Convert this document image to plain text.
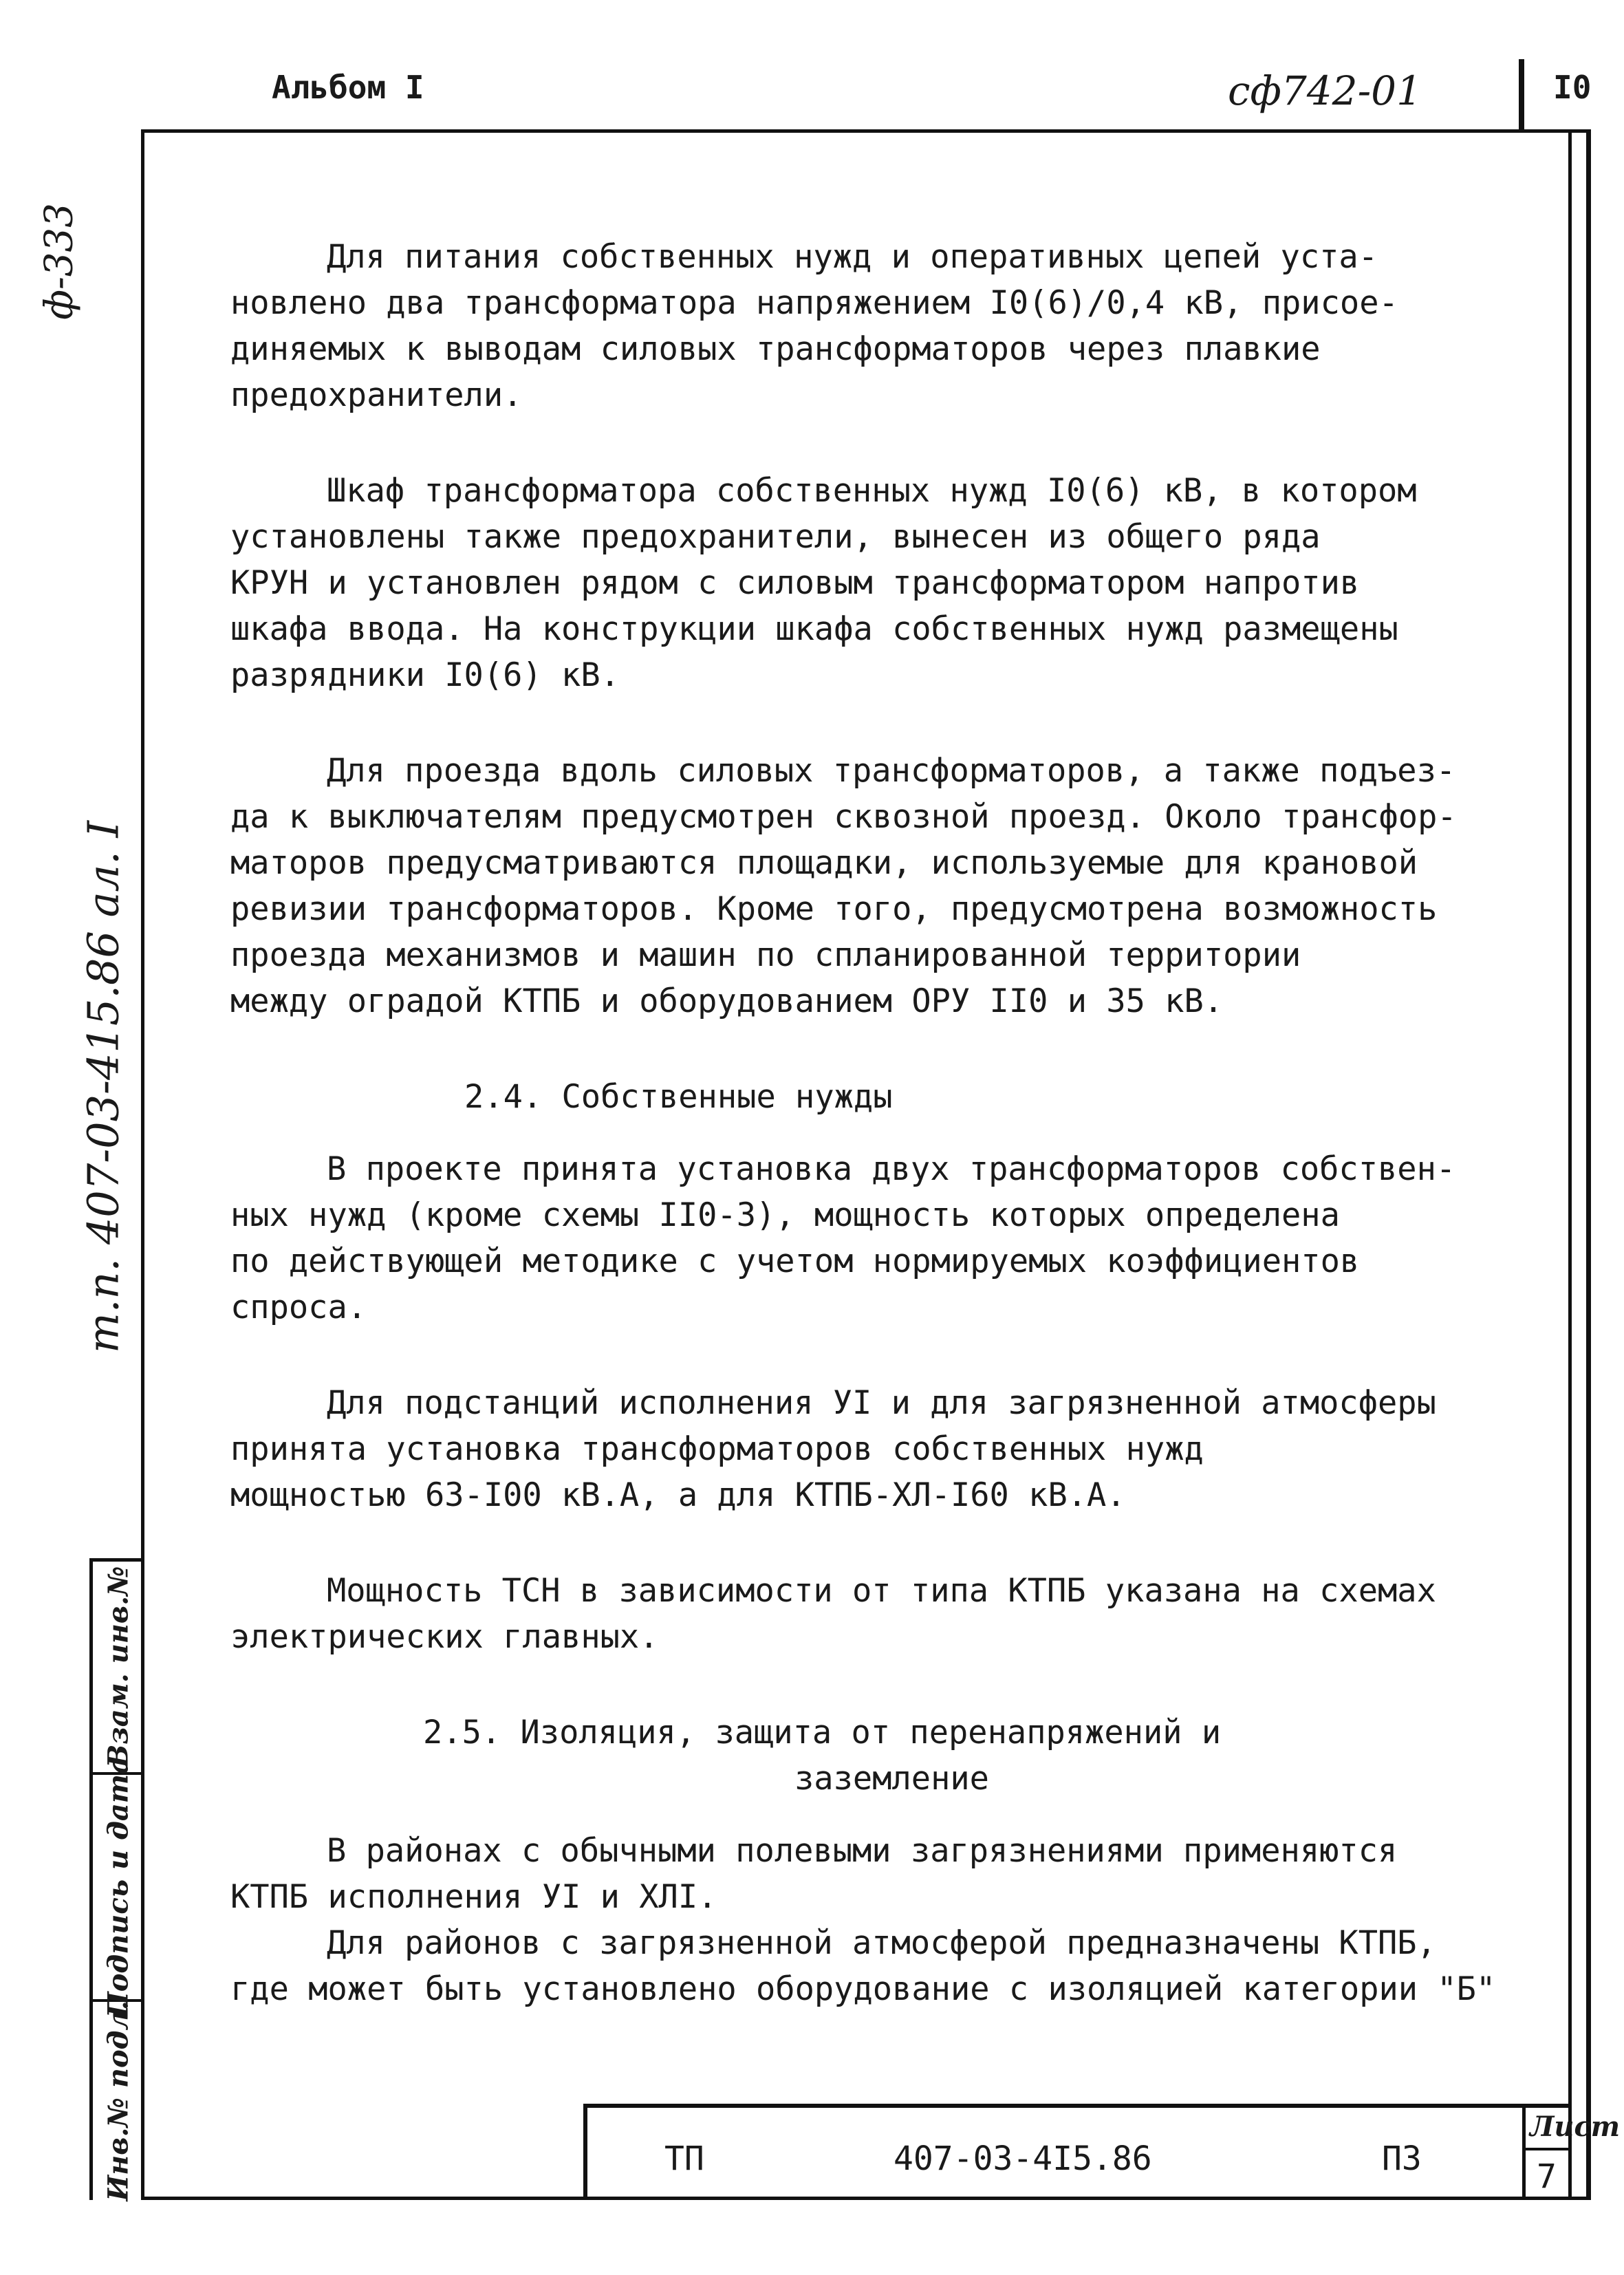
Альбом I	сф742-01	I0
ф-333
т.п. 407-03-415.86 ал. I

Для питания собственных нужд и оперативных цепей уста-

новлено два трансформатора напряжением I0(6)/0,4 кВ, присое-

диняемых к выводам силовых трансформаторов через плавкие

предохранители.

Шкаф трансформатора собственных нужд I0(6) кВ, в котором

установлены также предохранители, вынесен из общего ряда

КРУН и установлен рядом с силовым трансформатором напротив

шкафа ввода. На конструкции шкафа собственных нужд размещены

разрядники I0(6) кВ.

Для проезда вдоль силовых трансформаторов, а также подъез-

да к выключателям предусмотрен сквозной проезд. Около трансфор-

маторов предусматриваются площадки, используемые для крановой

ревизии трансформаторов. Кроме того, предусмотрена возможность

проезда механизмов и машин по спланированной территории

между оградой КТПБ и оборудованием ОРУ II0 и 35 кВ.

2.4. Собственные нужды

В проекте принята установка двух трансформаторов собствен-

ных нужд (кроме схемы II0-3), мощность которых определена

по действующей методике с учетом нормируемых коэффициентов

спроса.

Для подстанций исполнения УI и для загрязненной атмосферы

принята установка трансформаторов собственных нужд

мощностью 63-I00 кВ.А, а для КТПБ-ХЛ-I60 кВ.А.

Мощность ТСН в зависимости от типа КТПБ указана на схемах

электрических главных.

2.5. Изоляция, защита от перенапряжений и

заземление

В районах с обычными полевыми загрязнениями применяются

КТПБ исполнения УI и ХЛI.

Для районов с загрязненной атмосферой предназначены КТПБ,

где может быть установлено оборудование с изоляцией категории "Б"

Взам. инв.№
Подпись и дата
Инв.№ подл.	ТП	407-03-4I5.86	ПЗ
Лист
7
